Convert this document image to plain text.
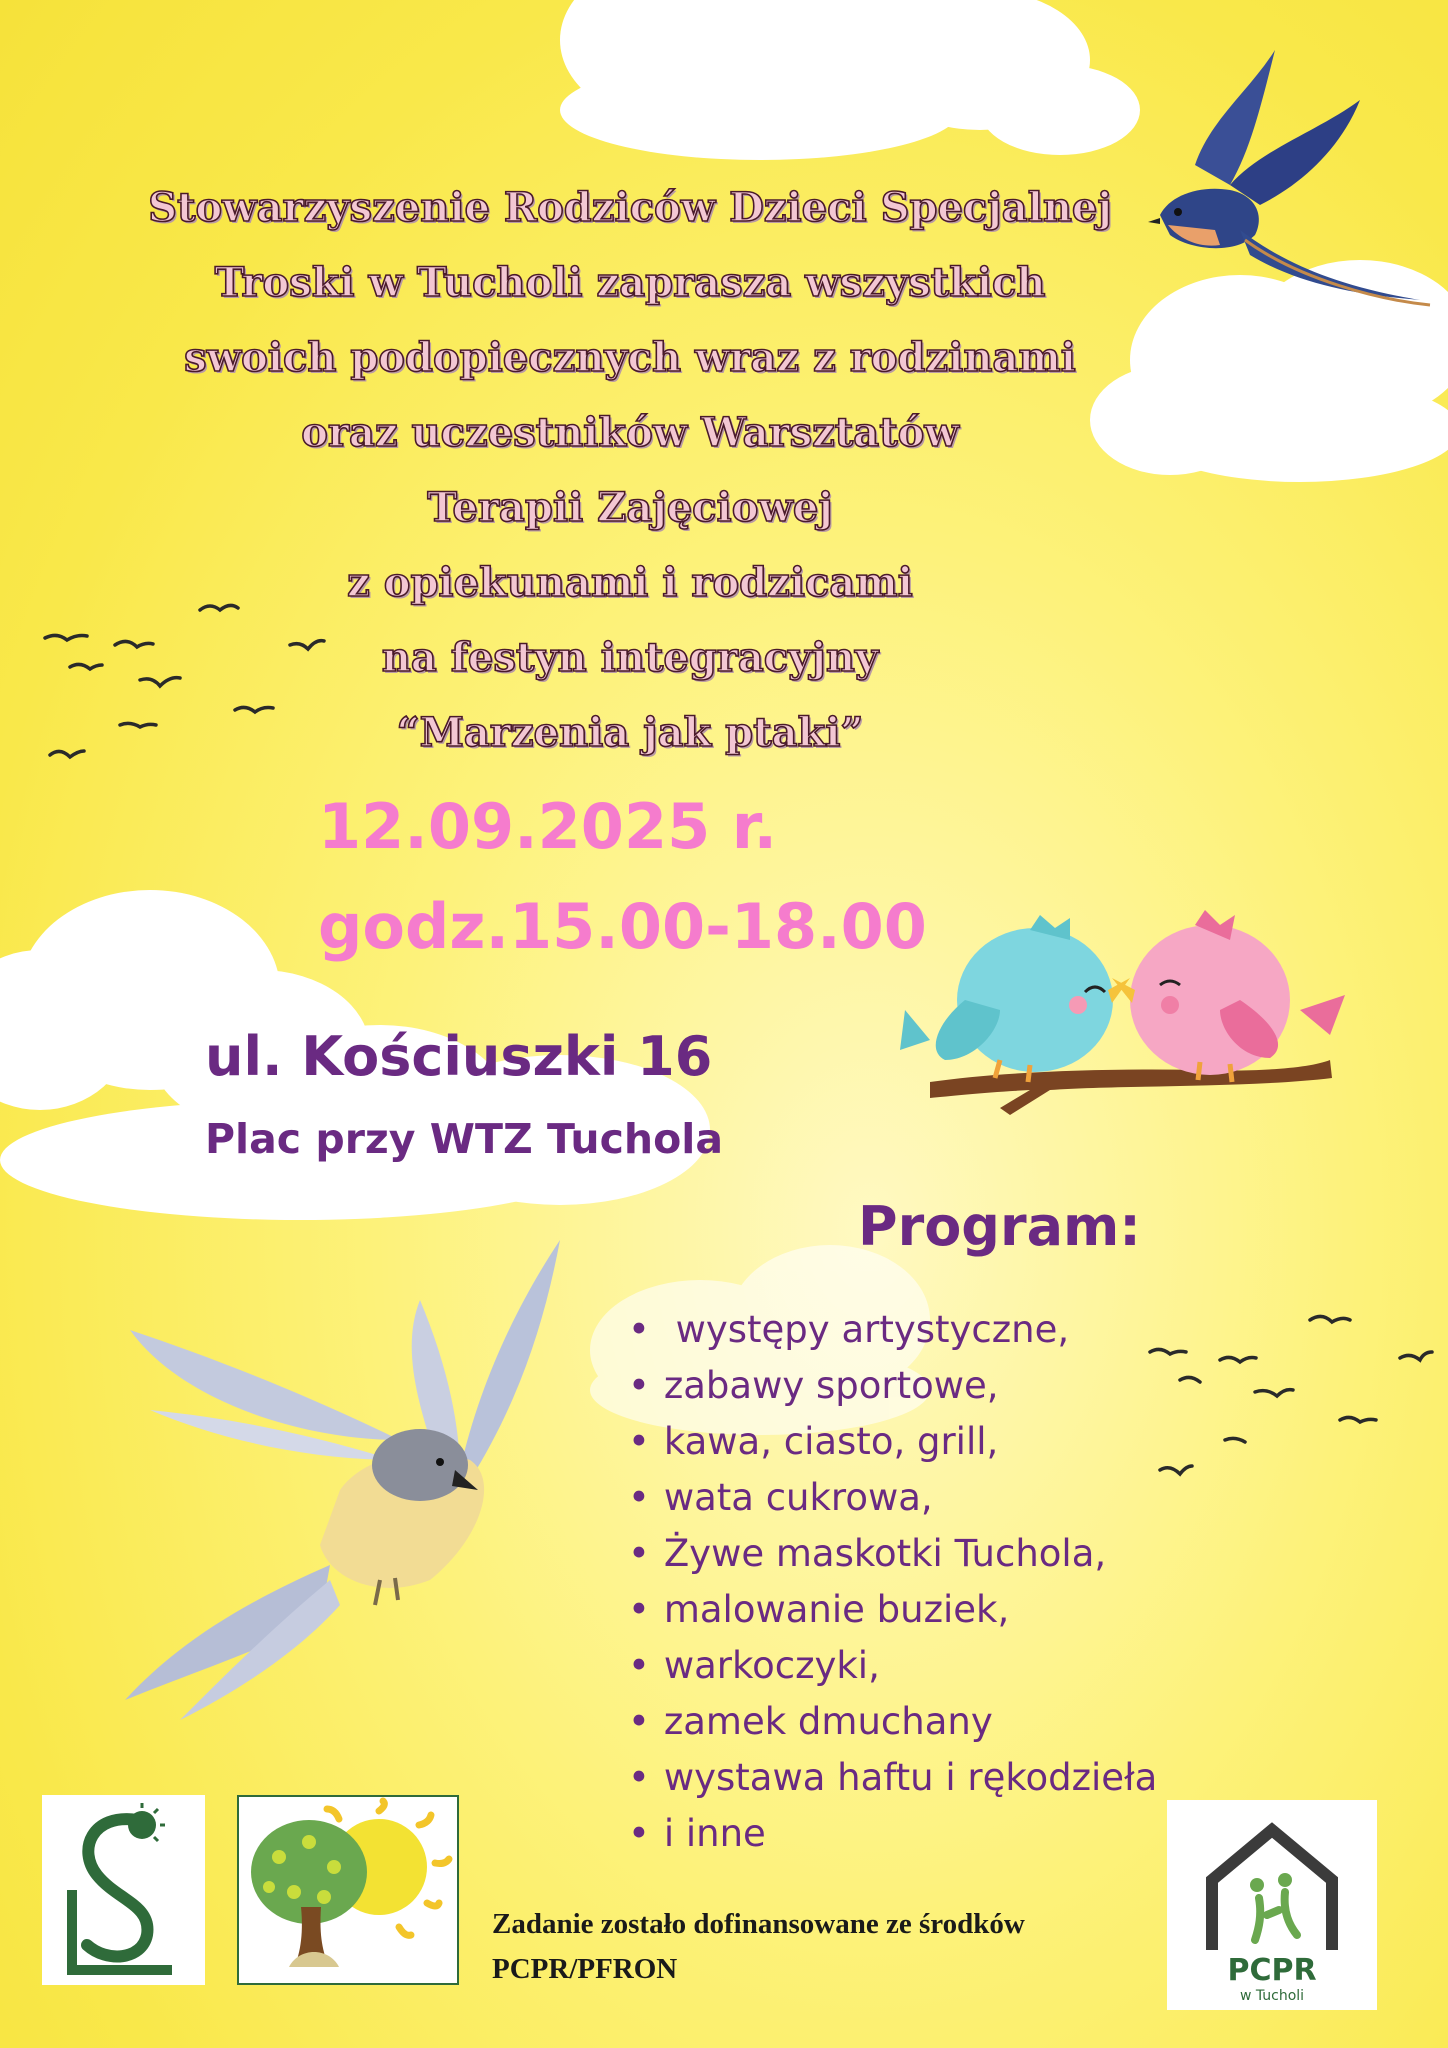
Stowarzyszenie Rodziców Dzieci Specjalnej
Troski w Tucholi zaprasza wszystkich
swoich podopiecznych wraz z rodzinami
oraz uczestników Warsztatów
Terapii Zajęciowej
z opiekunami i rodzicami
na festyn integracyjny
“Marzenia jak ptaki”
12.09.2025 r.
godz.15.00-18.00
ul. Kościuszki 16
Plac przy WTZ Tuchola
Program:
• występy artystyczne,
• zabawy sportowe,
• kawa, ciasto, grill,
• wata cukrowa,
• Żywe maskotki Tuchola,
• malowanie buziek,
• warkoczyki,
• zamek dmuchany
• wystawa haftu i rękodzieła
• i inne
PCPR
w Tucholi
Zadanie zostało dofinansowane ze środków
PCPR/PFRON
